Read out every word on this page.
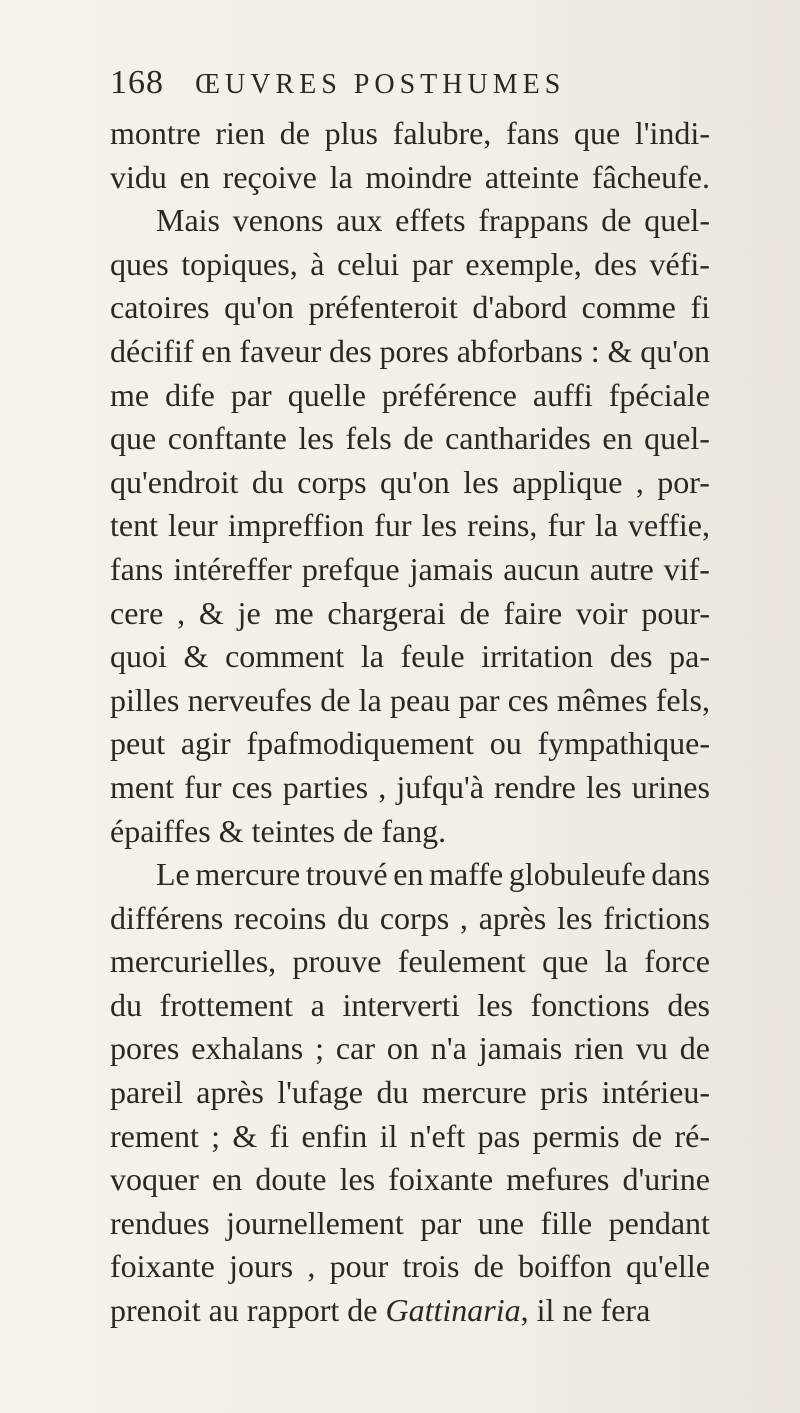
168 ŒUVRES POSTHUMES
montre rien de plus falubre, fans que l'indi-
vidu en reçoive la moindre atteinte fâcheufe.
Mais venons aux effets frappans de quel-
ques topiques, à celui par exemple, des véfi-
catoires qu'on préfenteroit d'abord comme fi
décifif en faveur des pores abforbans : & qu'on
me dife par quelle préférence auffi fpéciale
que conftante les fels de cantharides en quel-
qu'endroit du corps qu'on les applique , por-
tent leur impreffion fur les reins, fur la veffie,
fans intéreffer prefque jamais aucun autre vif-
cere , & je me chargerai de faire voir pour-
quoi & comment la feule irritation des pa-
pilles nerveufes de la peau par ces mêmes fels,
peut agir fpafmodiquement ou fympathique-
ment fur ces parties , jufqu'à rendre les urines
épaiffes & teintes de fang.
Le mercure trouvé en maffe globuleufe dans
différens recoins du corps , après les frictions
mercurielles, prouve feulement que la force
du frottement a interverti les fonctions des
pores exhalans ; car on n'a jamais rien vu de
pareil après l'ufage du mercure pris intérieu-
rement ; & fi enfin il n'eft pas permis de ré-
voquer en doute les foixante mefures d'urine
rendues journellement par une fille pendant
foixante jours , pour trois de boiffon qu'elle
prenoit au rapport de Gattinaria , il ne fera
